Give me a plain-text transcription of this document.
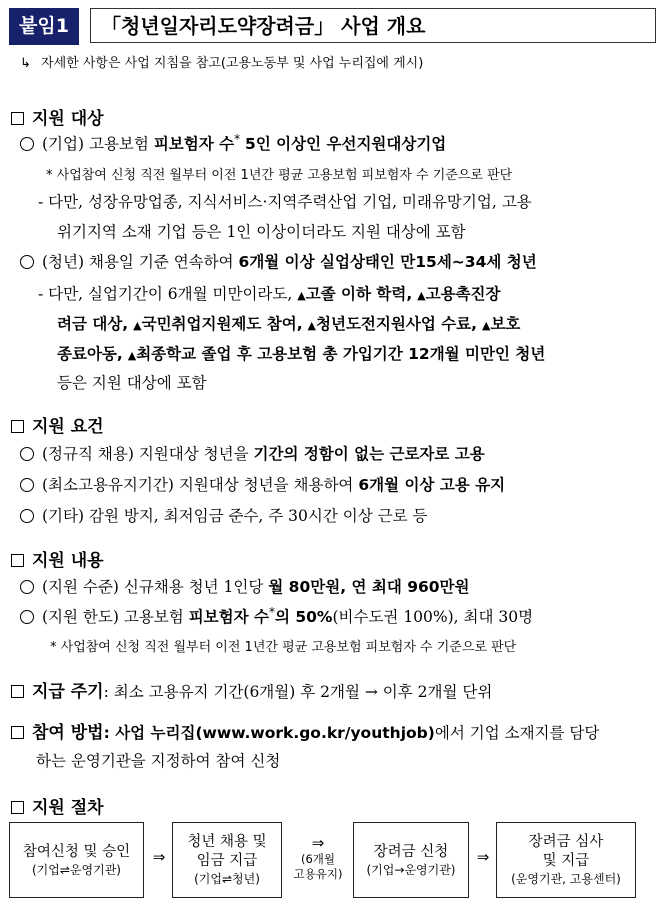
붙임1	「청년일자리도약장려금」 사업 개요
↳ 자세한 사항은 사업 지침을 참고(고용노동부 및 사업 누리집에 게시)
지원 대상
(기업) 고용보험 피보험자 수* 5인 이상인 우선지원대상기업
* 사업참여 신청 직전 월부터 이전 1년간 평균 고용보험 피보험자 수 기준으로 판단
- 다만, 성장유망업종, 지식서비스·지역주력산업 기업, 미래유망기업, 고용
위기지역 소재 기업 등은 1인 이상이더라도 지원 대상에 포함
(청년) 채용일 기준 연속하여 6개월 이상 실업상태인 만15세~34세 청년
- 다만, 실업기간이 6개월 미만이라도, ▲고졸 이하 학력, ▲고용촉진장
려금 대상, ▲국민취업지원제도 참여, ▲청년도전지원사업 수료, ▲보호
종료아동, ▲최종학교 졸업 후 고용보험 총 가입기간 12개월 미만인 청년
등은 지원 대상에 포함
지원 요건
(정규직 채용) 지원대상 청년을 기간의 정함이 없는 근로자로 고용
(최소고용유지기간) 지원대상 청년을 채용하여 6개월 이상 고용 유지
(기타) 감원 방지, 최저임금 준수, 주 30시간 이상 근로 등
지원 내용
(지원 수준) 신규채용 청년 1인당 월 80만원, 연 최대 960만원
(지원 한도) 고용보험 피보험자 수*의 50%(비수도권 100%), 최대 30명
* 사업참여 신청 직전 월부터 이전 1년간 평균 고용보험 피보험자 수 기준으로 판단
지급 주기: 최소 고용유지 기간(6개월) 후 2개월 → 이후 2개월 단위
참여 방법: 사업 누리집(www.work.go.kr/youthjob)에서 기업 소재지를 담당
하는 운영기관을 지정하여 참여 신청
지원 절차
참여신청 및 승인
(기업⇌운영기관)
⇒
청년 채용 및
임금 지급
(기업⇌청년)
⇒
(6개월
고용유지)
장려금 신청
(기업→운영기관)
⇒
장려금 심사
및 지급
(운영기관, 고용센터)
